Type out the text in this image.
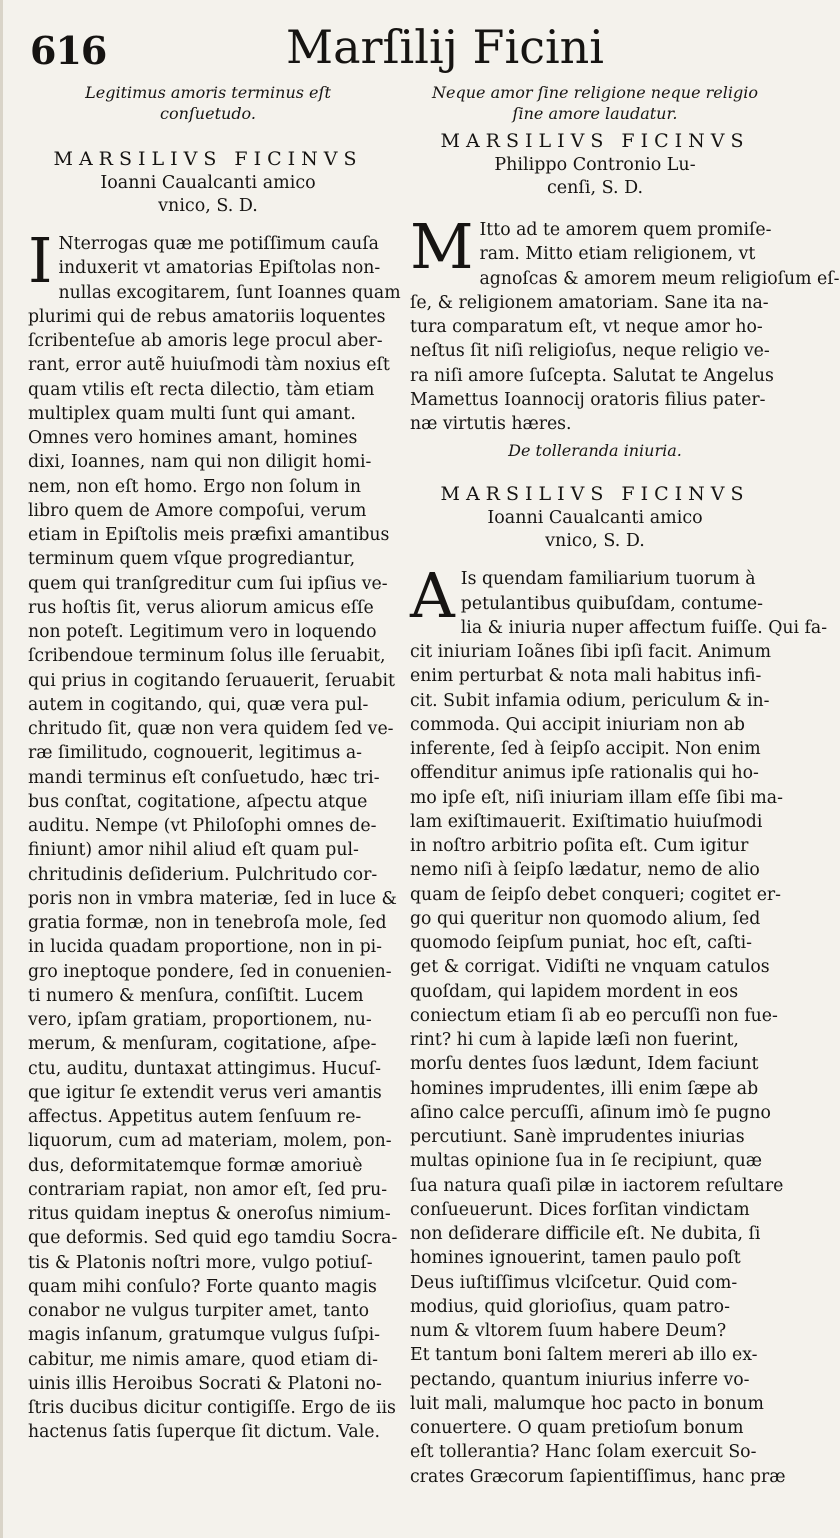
616	Marſilij Ficini

Legitimus amoris terminus eſt
conſuetudo.

MARSILIVS FICINVS

Ioanni Caualcanti amico
vnico, S. D.

I Nterrogas quæ me potiſſimum cauſa
induxerit vt amatorias Epiſtolas non-
nullas excogitarem, ſunt Ioannes quam
plurimi qui de rebus amatoriis loquentes
ſcribenteſue ab amoris lege procul aber-
rant, error autẽ huiuſmodi tàm noxius eſt
quam vtilis eſt recta dilectio, tàm etiam
multiplex quam multi ſunt qui amant.
Omnes vero homines amant, homines
dixi, Ioannes, nam qui non diligit homi-
nem, non eſt homo. Ergo non ſolum in
libro quem de Amore compoſui, verum
etiam in Epiſtolis meis præfixi amantibus
terminum quem vſque progrediantur,
quem qui tranſgreditur cum ſui ipſius ve-
rus hoſtis ſit, verus aliorum amicus eſſe
non poteſt. Legitimum vero in loquendo
ſcribendoue terminum ſolus ille ſeruabit,
qui prius in cogitando ſeruauerit, ſeruabit
autem in cogitando, qui, quæ vera pul-
chritudo ſit, quæ non vera quidem ſed ve-
ræ ſimilitudo, cognouerit, legitimus a-
mandi terminus eſt conſuetudo, hæc tri-
bus conſtat, cogitatione, aſpectu atque
auditu. Nempe (vt Philoſophi omnes de-
finiunt) amor nihil aliud eſt quam pul-
chritudinis deſiderium. Pulchritudo cor-
poris non in vmbra materiæ, ſed in luce &
gratia formæ, non in tenebroſa mole, ſed
in lucida quadam proportione, non in pi-
gro ineptoque pondere, ſed in conuenien-
ti numero & menſura, conſiſtit. Lucem
vero, ipſam gratiam, proportionem, nu-
merum, & menſuram, cogitatione, aſpe-
ctu, auditu, duntaxat attingimus. Hucuſ-
que igitur ſe extendit verus veri amantis
affectus. Appetitus autem ſenſuum re-
liquorum, cum ad materiam, molem, pon-
dus, deformitatemque formæ amoriuè
contrariam rapiat, non amor eſt, ſed pru-
ritus quidam ineptus & oneroſus nimium-
que deformis. Sed quid ego tamdiu Socra-
tis & Platonis noſtri more, vulgo potiuſ-
quam mihi conſulo? Forte quanto magis
conabor ne vulgus turpiter amet, tanto
magis inſanum, gratumque vulgus ſuſpi-
cabitur, me nimis amare, quod etiam di-
uinis illis Heroibus Socrati & Platoni no-
ſtris ducibus dicitur contigiſſe. Ergo de iis
hactenus ſatis ſuperque ſit dictum. Vale.

Neque amor ſine religione neque religio
ſine amore laudatur.

MARSILIVS FICINVS

Philippo Contronio Lu-
cenſi, S. D.

M Itto ad te amorem quem promiſe-
ram. Mitto etiam religionem, vt
agnoſcas & amorem meum religioſum eſ-
ſe, & religionem amatoriam. Sane ita na-
tura comparatum eſt, vt neque amor ho-
neſtus ſit niſi religioſus, neque religio ve-
ra niſi amore ſuſcepta. Salutat te Angelus
Mamettus Ioannocij oratoris filius pater-
næ virtutis hæres.

De tolleranda iniuria.

MARSILIVS FICINVS

Ioanni Caualcanti amico
vnico, S. D.

A Is quendam familiarium tuorum à
petulantibus quibuſdam, contume-
lia & iniuria nuper affectum fuiſſe. Qui fa-
cit iniuriam Ioãnes ſibi ipſi facit. Animum
enim perturbat & nota mali habitus infi-
cit. Subit infamia odium, periculum & in-
commoda. Qui accipit iniuriam non ab
inferente, ſed à ſeipſo accipit. Non enim
offenditur animus ipſe rationalis qui ho-
mo ipſe eſt, niſi iniuriam illam eſſe ſibi ma-
lam exiſtimauerit. Exiſtimatio huiuſmodi
in noſtro arbitrio poſita eſt. Cum igitur
nemo niſi à ſeipſo lædatur, nemo de alio
quam de ſeipſo debet conqueri; cogitet er-
go qui queritur non quomodo alium, ſed
quomodo ſeipſum puniat, hoc eſt, caſti-
get & corrigat. Vidiſti ne vnquam catulos
quoſdam, qui lapidem mordent in eos
coniectum etiam ſi ab eo percuſſi non fue-
rint? hi cum à lapide læſi non fuerint,
morſu dentes ſuos lædunt, Idem faciunt
homines imprudentes, illi enim ſæpe ab
aſino calce percuſſi, aſinum imò ſe pugno
percutiunt. Sanè imprudentes iniurias
multas opinione ſua in ſe recipiunt, quæ
ſua natura quaſi pilæ in iactorem reſultare
conſueuerunt. Dices forſitan vindictam
non deſiderare difficile eſt. Ne dubita, ſi
homines ignouerint, tamen paulo poſt
Deus iuſtiſſimus vlciſcetur. Quid com-
modius, quid glorioſius, quam patro-
num & vltorem ſuum habere Deum?
Et tantum boni ſaltem mereri ab illo ex-
pectando, quantum iniurius inferre vo-
luit mali, malumque hoc pacto in bonum
conuertere. O quam pretioſum bonum
eſt tollerantia? Hanc ſolam exercuit So-
crates Græcorum ſapientiſſimus, hanc præ
